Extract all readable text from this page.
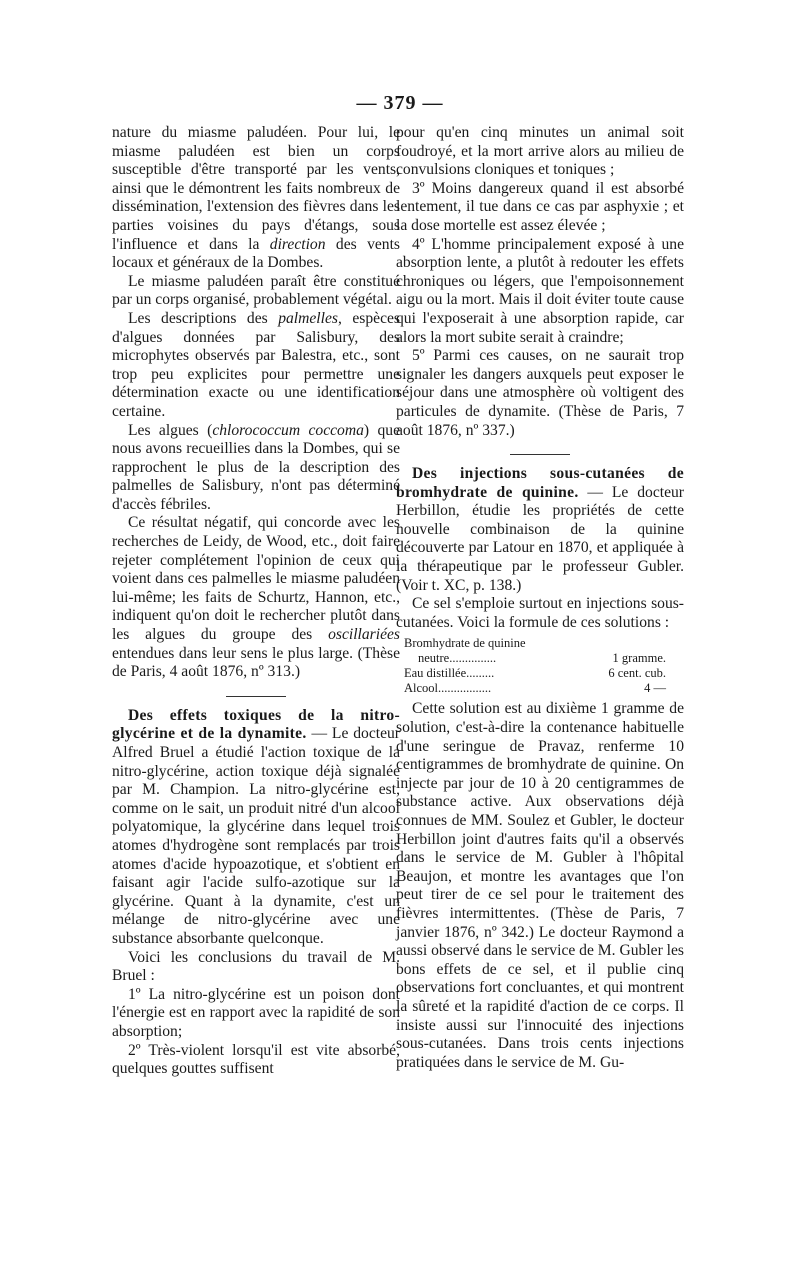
— 379 —

nature du miasme paludéen. Pour lui, le miasme paludéen est bien un corps susceptible d'être transporté par les vents, ainsi que le démontrent les faits nombreux de dissémination, l'extension des fièvres dans les parties voisines du pays d'étangs, sous l'influence et dans la direction des vents locaux et généraux de la Dombes.

Le miasme paludéen paraît être constitué par un corps organisé, probablement végétal.

Les descriptions des palmelles, espèces d'algues données par Salisbury, des microphytes observés par Balestra, etc., sont trop peu explicites pour permettre une détermination exacte ou une identification certaine.

Les algues (chlorococcum coccoma) que nous avons recueillies dans la Dombes, qui se rapprochent le plus de la description des palmelles de Salisbury, n'ont pas déterminé d'accès fébriles.

Ce résultat négatif, qui concorde avec les recherches de Leidy, de Wood, etc., doit faire rejeter complétement l'opinion de ceux qui voient dans ces palmelles le miasme paludéen lui-même; les faits de Schurtz, Hannon, etc., indiquent qu'on doit le rechercher plutôt dans les algues du groupe des oscillariées entendues dans leur sens le plus large. (Thèse de Paris, 4 août 1876, nº 313.)

Des effets toxiques de la nitro-glycérine et de la dynamite. — Le docteur Alfred Bruel a étudié l'action toxique de la nitro-glycérine, action toxique déjà signalée par M. Champion. La nitro-glycérine est, comme on le sait, un produit nitré d'un alcool polyatomique, la glycérine dans lequel trois atomes d'hydrogène sont remplacés par trois atomes d'acide hypoazotique, et s'obtient en faisant agir l'acide sulfo-azotique sur la glycérine. Quant à la dynamite, c'est un mélange de nitro-glycérine avec une substance absorbante quelconque.

Voici les conclusions du travail de M. Bruel :

1º La nitro-glycérine est un poison dont l'énergie est en rapport avec la rapidité de son absorption;

2º Très-violent lorsqu'il est vite absorbé, quelques gouttes suffisent

pour qu'en cinq minutes un animal soit foudroyé, et la mort arrive alors au milieu de convulsions cloniques et toniques ;

3º Moins dangereux quand il est absorbé lentement, il tue dans ce cas par asphyxie ; et la dose mortelle est assez élevée ;

4º L'homme principalement exposé à une absorption lente, a plutôt à redouter les effets chroniques ou légers, que l'empoisonnement aigu ou la mort. Mais il doit éviter toute cause qui l'exposerait à une absorption rapide, car alors la mort subite serait à craindre;

5º Parmi ces causes, on ne saurait trop signaler les dangers auxquels peut exposer le séjour dans une atmosphère où voltigent des particules de dynamite. (Thèse de Paris, 7 août 1876, nº 337.)

Des injections sous-cutanées de bromhydrate de quinine. — Le docteur Herbillon, étudie les propriétés de cette nouvelle combinaison de la quinine découverte par Latour en 1870, et appliquée à la thérapeutique par le professeur Gubler. (Voir t. XC, p. 138.)

Ce sel s'emploie surtout en injections sous-cutanées. Voici la formule de ces solutions :

Bromhydrate de quinine	
neutre...............	1 gramme.
Eau distillée.........	6 cent. cub.
Alcool.................	4 —

Cette solution est au dixième 1 gramme de solution, c'est-à-dire la contenance habituelle d'une seringue de Pravaz, renferme 10 centigrammes de bromhydrate de quinine. On injecte par jour de 10 à 20 centigrammes de substance active. Aux observations déjà connues de MM. Soulez et Gubler, le docteur Herbillon joint d'autres faits qu'il a observés dans le service de M. Gubler à l'hôpital Beaujon, et montre les avantages que l'on peut tirer de ce sel pour le traitement des fièvres intermittentes. (Thèse de Paris, 7 janvier 1876, nº 342.) Le docteur Raymond a aussi observé dans le service de M. Gubler les bons effets de ce sel, et il publie cinq observations fort concluantes, et qui montrent la sûreté et la rapidité d'action de ce corps. Il insiste aussi sur l'innocuité des injections sous-cutanées. Dans trois cents injections pratiquées dans le service de M. Gu-
